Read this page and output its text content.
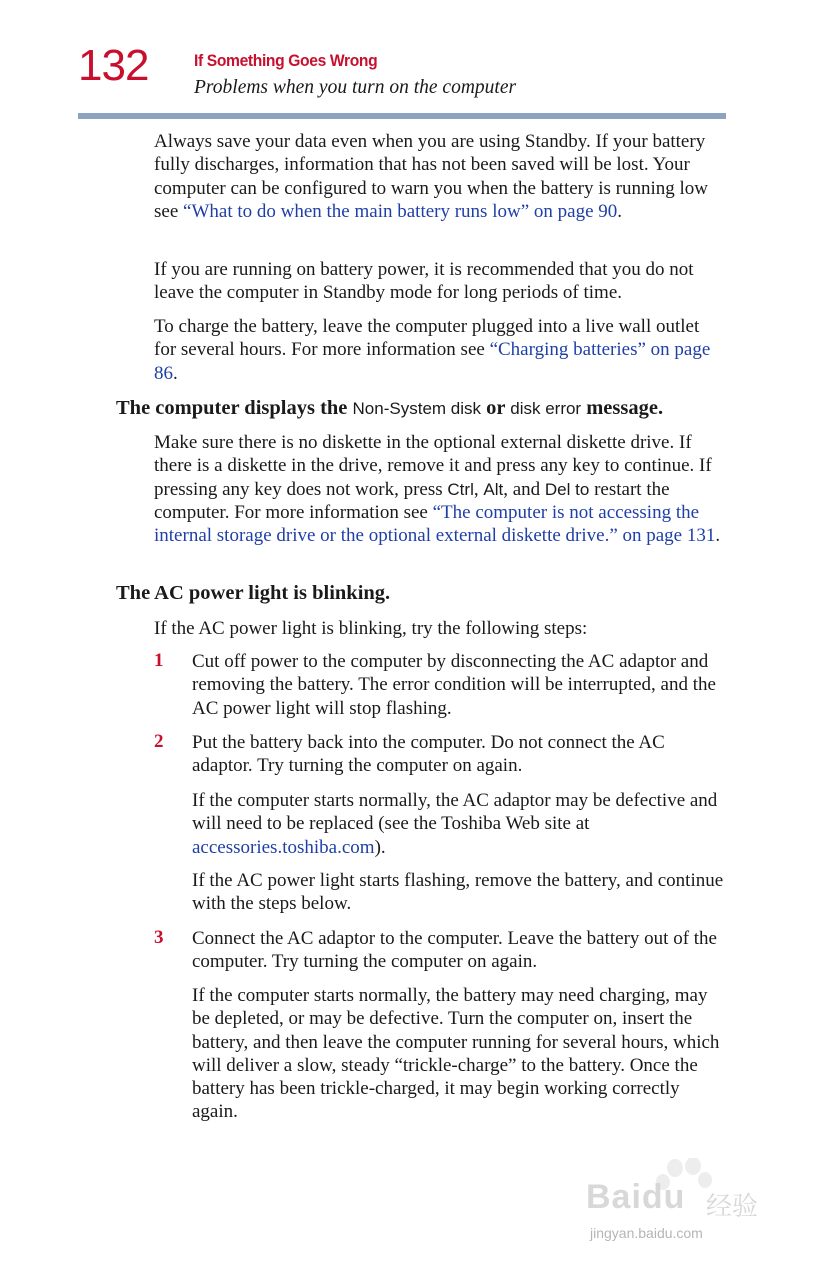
132	If Something Goes Wrong
Problems when you turn on the computer

Always save your data even when you are using Standby. If your battery fully discharges, information that has not been saved will be lost. Your computer can be configured to warn you when the battery is running low see “What to do when the main battery runs low” on page 90.

If you are running on battery power, it is recommended that you do not leave the computer in Standby mode for long periods of time.

To charge the battery, leave the computer plugged into a live wall outlet for several hours. For more information see “Charging batteries” on page 86.

The computer displays the Non-System disk or disk error message.

Make sure there is no diskette in the optional external diskette drive. If there is a diskette in the drive, remove it and press any key to continue. If pressing any key does not work, press Ctrl, Alt, and Del to restart the computer. For more information see “The computer is not accessing the internal storage drive or the optional external diskette drive.” on page 131.

The AC power light is blinking.

If the AC power light is blinking, try the following steps:

1 Cut off power to the computer by disconnecting the AC adaptor and removing the battery. The error condition will be interrupted, and the AC power light will stop flashing.

2 Put the battery back into the computer. Do not connect the AC adaptor. Try turning the computer on again.

If the computer starts normally, the AC adaptor may be defective and will need to be replaced (see the Toshiba Web site at accessories.toshiba.com).

If the AC power light starts flashing, remove the battery, and continue with the steps below.

3 Connect the AC adaptor to the computer. Leave the battery out of the computer. Try turning the computer on again.

If the computer starts normally, the battery may need charging, may be depleted, or may be defective. Turn the computer on, insert the battery, and then leave the computer running for several hours, which will deliver a slow, steady “trickle-charge” to the battery. Once the battery has been trickle-charged, it may begin working correctly again.

Baidu 经验
jingyan.baidu.com
